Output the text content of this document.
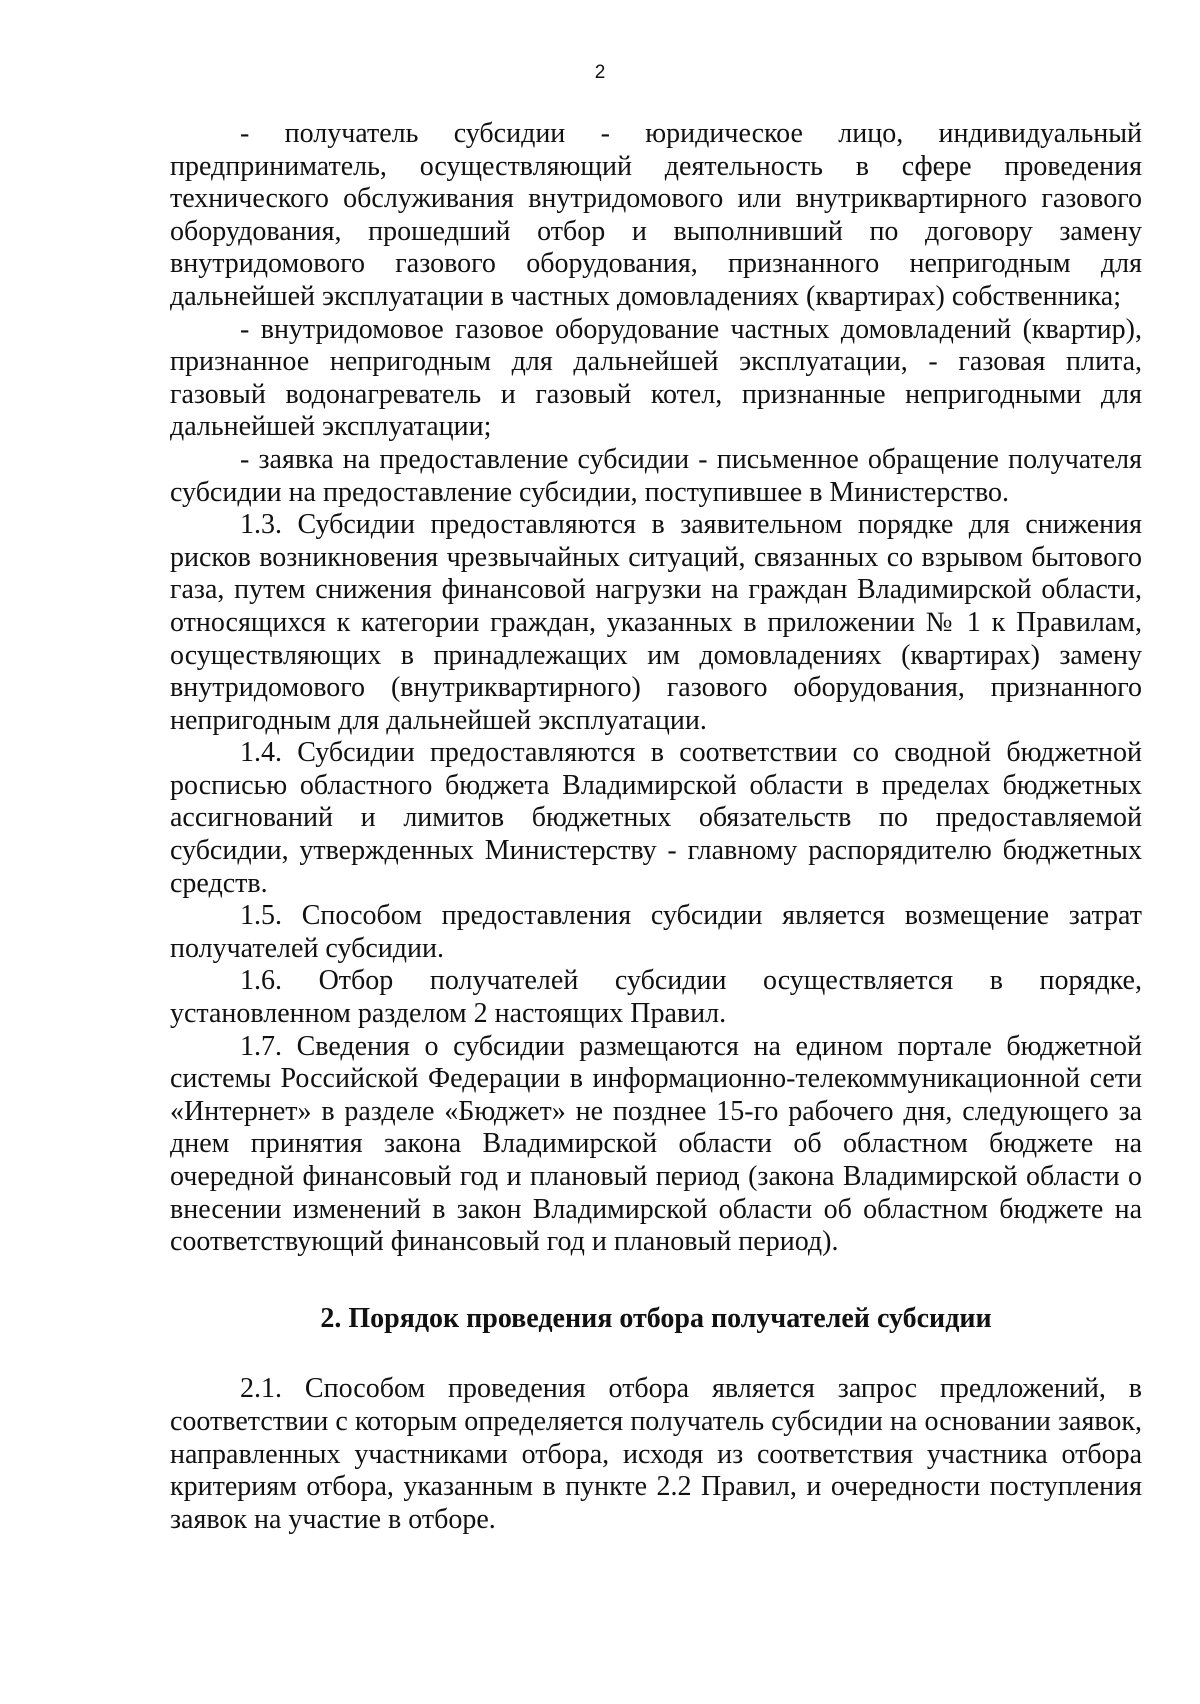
2

- получатель субсидии - юридическое лицо, индивидуальный предприниматель, осуществляющий деятельность в сфере проведения технического обслуживания внутридомового или внутриквартирного газового оборудования, прошедший отбор и выполнивший по договору замену внутридомового газового оборудования, признанного непригодным для дальнейшей эксплуатации в частных домовладениях (квартирах) собственника;

- внутридомовое газовое оборудование частных домовладений (квартир), признанное непригодным для дальнейшей эксплуатации, - газовая плита, газовый водонагреватель и газовый котел, признанные непригодными для дальнейшей эксплуатации;

- заявка на предоставление субсидии - письменное обращение получателя субсидии на предоставление субсидии, поступившее в Министерство.

1.3. Субсидии предоставляются в заявительном порядке для снижения рисков возникновения чрезвычайных ситуаций, связанных со взрывом бытового газа, путем снижения финансовой нагрузки на граждан Владимирской области, относящихся к категории граждан, указанных в приложении № 1 к Правилам, осуществляющих в принадлежащих им домовладениях (квартирах) замену внутридомового (внутриквартирного) газового оборудования, признанного непригодным для дальнейшей эксплуатации.

1.4. Субсидии предоставляются в соответствии со сводной бюджетной росписью областного бюджета Владимирской области в пределах бюджетных ассигнований и лимитов бюджетных обязательств по предоставляемой субсидии, утвержденных Министерству - главному распорядителю бюджетных средств.

1.5. Способом предоставления субсидии является возмещение затрат получателей субсидии.

1.6. Отбор получателей субсидии осуществляется в порядке, установленном разделом 2 настоящих Правил.

1.7. Сведения о субсидии размещаются на едином портале бюджетной системы Российской Федерации в информационно-телекоммуникационной сети «Интернет» в разделе «Бюджет» не позднее 15-го рабочего дня, следующего за днем принятия закона Владимирской области об областном бюджете на очередной финансовый год и плановый период (закона Владимирской области о внесении изменений в закон Владимирской области об областном бюджете на соответствующий финансовый год и плановый период).

2. Порядок проведения отбора получателей субсидии

2.1. Способом проведения отбора является запрос предложений, в соответствии с которым определяется получатель субсидии на основании заявок, направленных участниками отбора, исходя из соответствия участника отбора критериям отбора, указанным в пункте 2.2 Правил, и очередности поступления заявок на участие в отборе.
